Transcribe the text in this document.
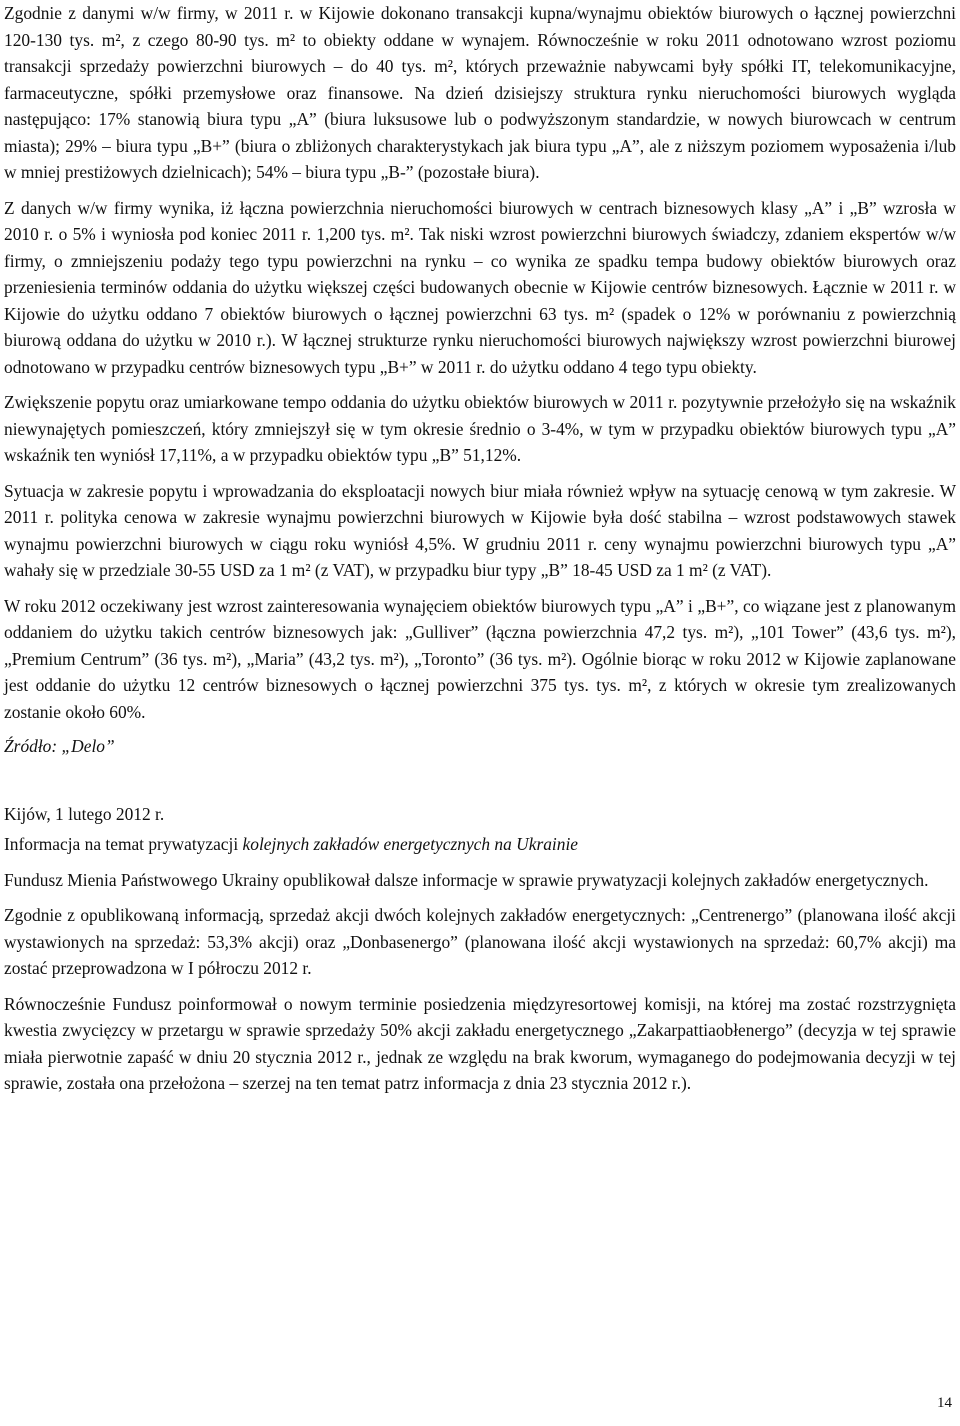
Zgodnie z danymi w/w firmy, w 2011 r. w Kijowie dokonano transakcji kupna/wynajmu obiektów biurowych o łącznej powierzchni 120-130 tys. m², z czego 80-90 tys. m² to obiekty oddane w wynajem. Równocześnie w roku 2011 odnotowano wzrost poziomu transakcji sprzedaży powierzchni biurowych – do 40 tys. m², których przeważnie nabywcami były spółki IT, telekomunikacyjne, farmaceutyczne, spółki przemysłowe oraz finansowe. Na dzień dzisiejszy struktura rynku nieruchomości biurowych wygląda następująco: 17% stanowią biura typu „A” (biura luksusowe lub o podwyższonym standardzie, w nowych biurowcach w centrum miasta); 29% – biura typu „B+” (biura o zbliżonych charakterystykach jak biura typu „A”, ale z niższym poziomem wyposażenia i/lub w mniej prestiżowych dzielnicach); 54% – biura typu „B-” (pozostałe biura).

Z danych w/w firmy wynika, iż łączna powierzchnia nieruchomości biurowych w centrach biznesowych klasy „A” i „B” wzrosła w 2010 r. o 5% i wyniosła pod koniec 2011 r. 1,200 tys. m². Tak niski wzrost powierzchni biurowych świadczy, zdaniem ekspertów w/w firmy, o zmniejszeniu podaży tego typu powierzchni na rynku – co wynika ze spadku tempa budowy obiektów biurowych oraz przeniesienia terminów oddania do użytku większej części budowanych obecnie w Kijowie centrów biznesowych. Łącznie w 2011 r. w Kijowie do użytku oddano 7 obiektów biurowych o łącznej powierzchni 63 tys. m² (spadek o 12% w porównaniu z powierzchnią biurową oddana do użytku w 2010 r.). W łącznej strukturze rynku nieruchomości biurowych największy wzrost powierzchni biurowej odnotowano w przypadku centrów biznesowych typu „B+” w 2011 r. do użytku oddano 4 tego typu obiekty.

Zwiększenie popytu oraz umiarkowane tempo oddania do użytku obiektów biurowych w 2011 r. pozytywnie przełożyło się na wskaźnik niewynajętych pomieszczeń, który zmniejszył się w tym okresie średnio o 3-4%, w tym w przypadku obiektów biurowych typu „A” wskaźnik ten wyniósł 17,11%, a w przypadku obiektów typu „B” 51,12%.

Sytuacja w zakresie popytu i wprowadzania do eksploatacji nowych biur miała również wpływ na sytuację cenową w tym zakresie. W 2011 r. polityka cenowa w zakresie wynajmu powierzchni biurowych w Kijowie była dość stabilna – wzrost podstawowych stawek wynajmu powierzchni biurowych w ciągu roku wyniósł 4,5%. W grudniu 2011 r. ceny wynajmu powierzchni biurowych typu „A” wahały się w przedziale 30-55 USD za 1 m² (z VAT), w przypadku biur typy „B” 18-45 USD za 1 m² (z VAT).

W roku 2012 oczekiwany jest wzrost zainteresowania wynajęciem obiektów biurowych typu „A” i „B+”, co wiązane jest z planowanym oddaniem do użytku takich centrów biznesowych jak: „Gulliver” (łączna powierzchnia 47,2 tys. m²), „101 Tower” (43,6 tys. m²), „Premium Centrum” (36 tys. m²), „Maria” (43,2 tys. m²), „Toronto” (36 tys. m²). Ogólnie biorąc w roku 2012 w Kijowie zaplanowane jest oddanie do użytku 12 centrów biznesowych o łącznej powierzchni 375 tys. tys. m², z których w okresie tym zrealizowanych zostanie około 60%.

Źródło: „Delo”

Kijów, 1 lutego 2012 r.

Informacja na temat prywatyzacji kolejnych zakładów energetycznych na Ukrainie

Fundusz Mienia Państwowego Ukrainy opublikował dalsze informacje w sprawie prywatyzacji kolejnych zakładów energetycznych.

Zgodnie z opublikowaną informacją, sprzedaż akcji dwóch kolejnych zakładów energetycznych: „Centrenergo” (planowana ilość akcji wystawionych na sprzedaż: 53,3% akcji) oraz „Donbasenergo” (planowana ilość akcji wystawionych na sprzedaż: 60,7% akcji) ma zostać przeprowadzona w I półroczu 2012 r.

Równocześnie Fundusz poinformował o nowym terminie posiedzenia międzyresortowej komisji, na której ma zostać rozstrzygnięta kwestia zwycięzcy w przetargu w sprawie sprzedaży 50% akcji zakładu energetycznego „Zakarpattiaobłenergo” (decyzja w tej sprawie miała pierwotnie zapaść w dniu 20 stycznia 2012 r., jednak ze względu na brak kworum, wymaganego do podejmowania decyzji w tej sprawie, została ona przełożona – szerzej na ten temat patrz informacja z dnia 23 stycznia 2012 r.).

14
